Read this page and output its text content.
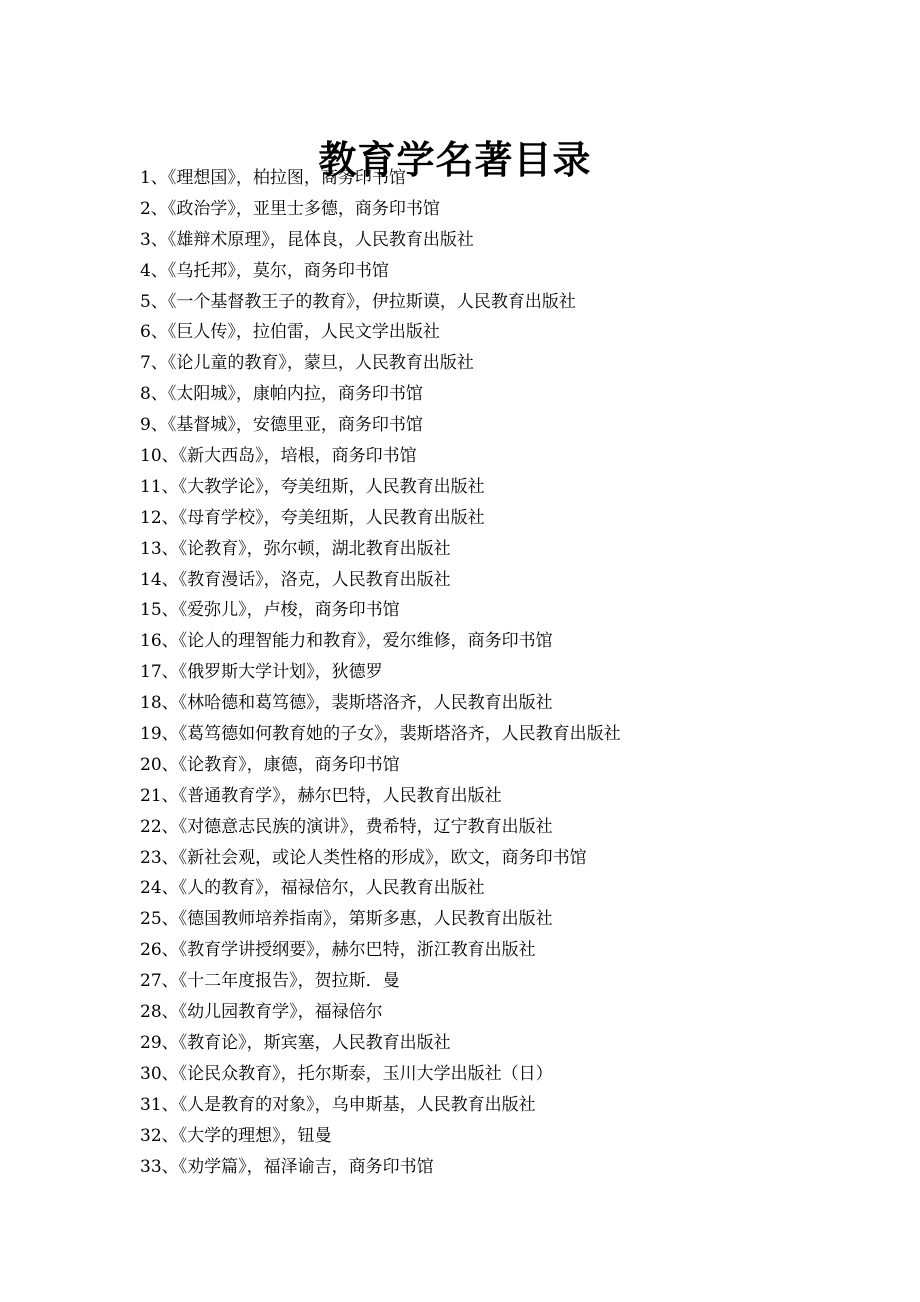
教育学名著目录
1、《理想国》，柏拉图，商务印书馆
2、《政治学》，亚里士多德，商务印书馆
3、《雄辩术原理》，昆体良，人民教育出版社
4、《乌托邦》，莫尔，商务印书馆
5、《一个基督教王子的教育》，伊拉斯谟，人民教育出版社
6、《巨人传》，拉伯雷，人民文学出版社
7、《论儿童的教育》，蒙旦，人民教育出版社
8、《太阳城》，康帕内拉，商务印书馆
9、《基督城》，安德里亚，商务印书馆
10、《新大西岛》，培根，商务印书馆
11、《大教学论》，夸美纽斯，人民教育出版社
12、《母育学校》，夸美纽斯，人民教育出版社
13、《论教育》，弥尔顿，湖北教育出版社
14、《教育漫话》，洛克，人民教育出版社
15、《爱弥儿》，卢梭，商务印书馆
16、《论人的理智能力和教育》，爱尔维修，商务印书馆
17、《俄罗斯大学计划》，狄德罗
18、《林哈德和葛笃德》，裴斯塔洛齐，人民教育出版社
19、《葛笃德如何教育她的子女》，裴斯塔洛齐，人民教育出版社
20、《论教育》，康德，商务印书馆
21、《普通教育学》，赫尔巴特，人民教育出版社
22、《对德意志民族的演讲》，费希特，辽宁教育出版社
23、《新社会观，或论人类性格的形成》，欧文，商务印书馆
24、《人的教育》，福禄倍尔，人民教育出版社
25、《德国教师培养指南》，第斯多惠，人民教育出版社
26、《教育学讲授纲要》，赫尔巴特，浙江教育出版社
27、《十二年度报告》，贺拉斯．曼
28、《幼儿园教育学》，福禄倍尔
29、《教育论》，斯宾塞，人民教育出版社
30、《论民众教育》，托尔斯泰，玉川大学出版社（日）
31、《人是教育的对象》，乌申斯基，人民教育出版社
32、《大学的理想》，钮曼
33、《劝学篇》，福泽谕吉，商务印书馆
